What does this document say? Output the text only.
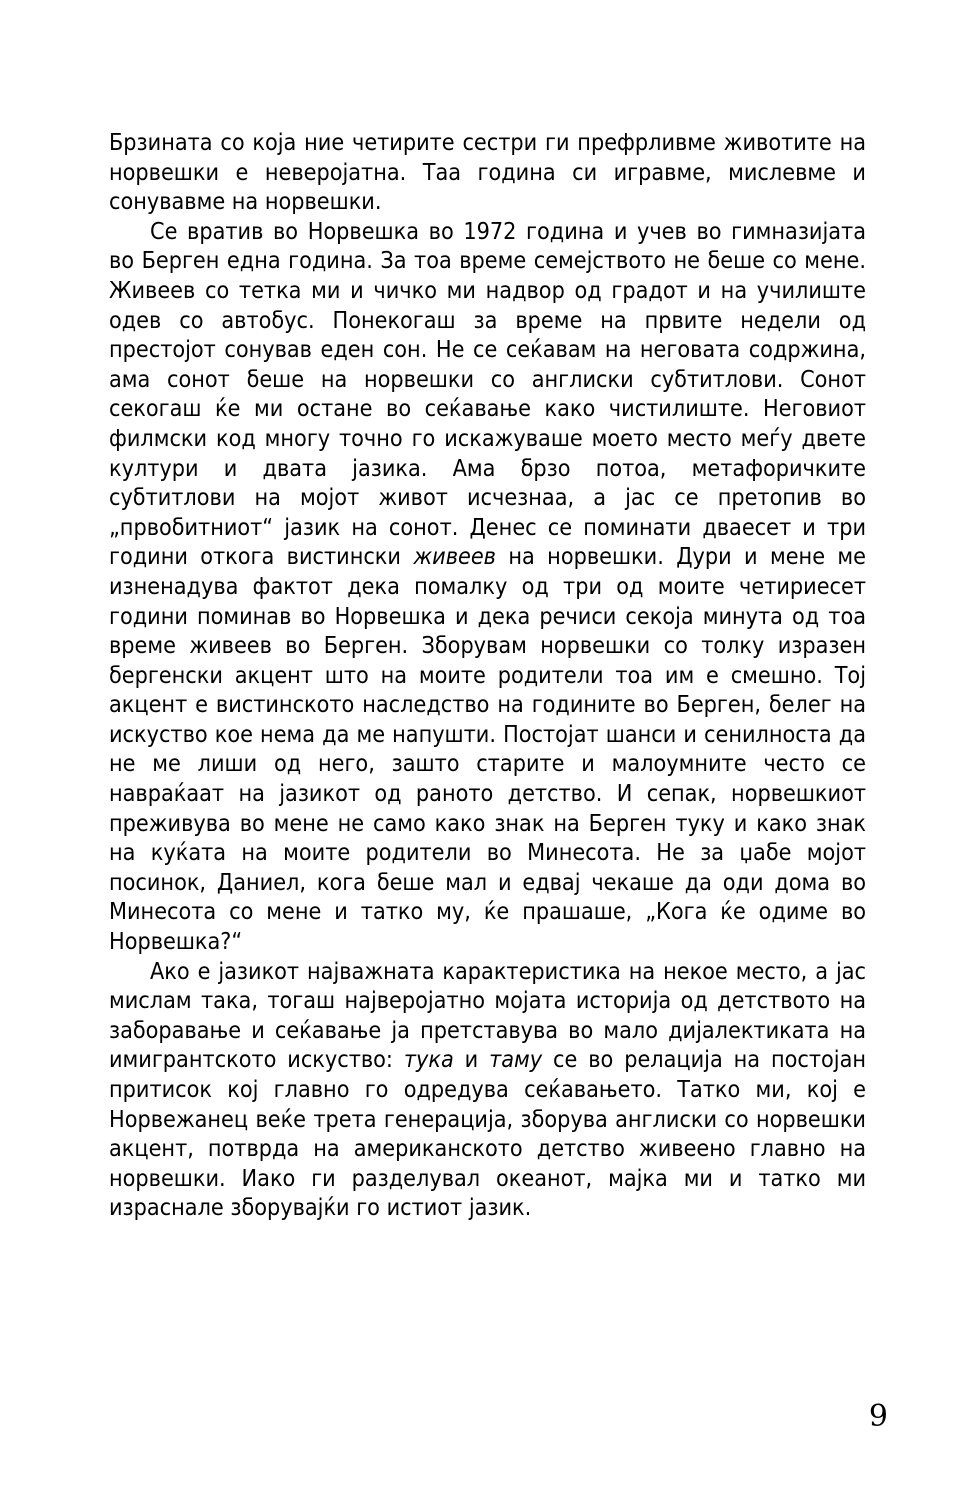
Брзината со која ние четирите сестри ги префрливме животите на норвешки е неверојатна. Таа година си игравме, мислевме и сонувавме на норвешки.

Се вратив во Норвешка во 1972 година и учев во гимназијата во Берген една година. За тоа време семејството не беше со мене. Живеев со тетка ми и чичко ми надвор од градот и на училиште одев со автобус. Понекогаш за време на првите недели од престојот сонував еден сон. Не се сеќавам на неговата содржина, ама сонот беше на норвешки со англиски субтитлови. Сонот секогаш ќе ми остане во сеќавање како чистилиште. Неговиот филмски код многу точно го искажуваше моето место меѓу двете култури и двата јазика. Ама брзо потоа, метафоричките субтитлови на мојот живот исчезнаа, а јас се претопив во „првобитниот“ јазик на сонот. Денес се поминати дваесет и три години откога вистински живеев на норвешки. Дури и мене ме изненадува фактот дека помалку од три од моите четириесет години поминав во Норвешка и дека речиси секоја минута од тоа време живеев во Берген. Зборувам норвешки со толку изразен бергенски акцент што на моите родители тоа им е смешно. Тој акцент е вистинското наследство на годините во Берген, белег на искуство кое нема да ме напушти. Постојат шанси и сенилноста да не ме лиши од него, зашто старите и малоумните често се навраќаат на јазикот од раното детство. И сепак, норвешкиот преживува во мене не само како знак на Берген туку и како знак на куќата на моите родители во Минесота. Не за џабе мојот посинок, Даниел, кога беше мал и едвај чекаше да оди дома во Минесота со мене и татко му, ќе прашаше, „Кога ќе одиме во Норвешка?“

Ако е јазикот најважната карактеристика на некое место, а јас мислам така, тогаш најверојатно мојата историја од детството на заборавање и сеќавање ја претставува во мало дијалектиката на имигрантското искуство: тука и таму се во релација на постојан притисок кој главно го одредува сеќавањето. Татко ми, кој е Норвежанец веќе трета генерација, зборува англиски со норвешки акцент, потврда на американското детство живеено главно на норвешки. Иако ги разделувал океанот, мајка ми и татко ми израснале зборувајќи го истиот јазик.

9
